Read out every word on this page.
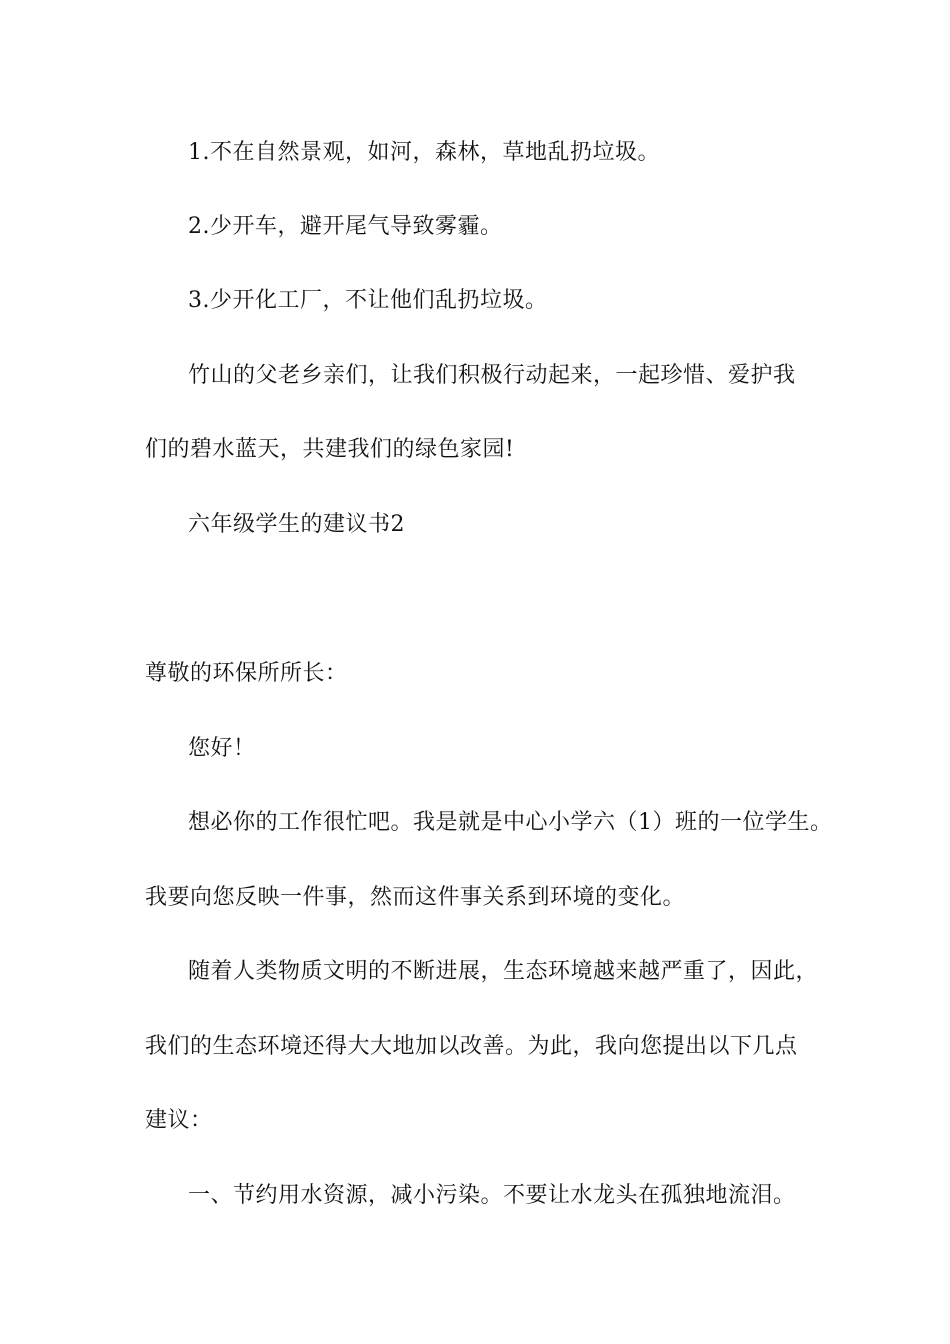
1.不在自然景观，如河，森林，草地乱扔垃圾。
2.少开车，避开尾气导致雾霾。
3.少开化工厂，不让他们乱扔垃圾。
竹山的父老乡亲们，让我们积极行动起来，一起珍惜、爱护我
们的碧水蓝天，共建我们的绿色家园!
六年级学生的建议书2
尊敬的环保所所长：
您好！
想必你的工作很忙吧。我是就是中心小学六（1）班的一位学生。
我要向您反映一件事，然而这件事关系到环境的变化。
随着人类物质文明的不断进展，生态环境越来越严重了，因此，
我们的生态环境还得大大地加以改善。为此，我向您提出以下几点
建议：
一、节约用水资源，减小污染。不要让水龙头在孤独地流泪。
